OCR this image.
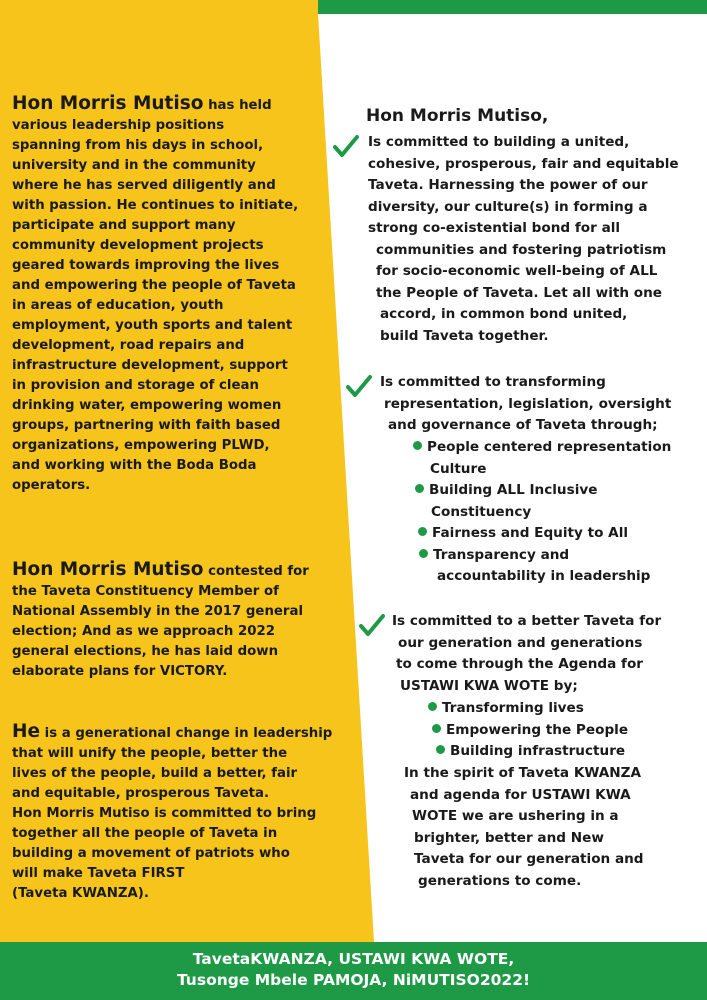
Hon Morris Mutiso has held
various leadership positions
spanning from his days in school,
university and in the community
where he has served diligently and
with passion. He continues to initiate,
participate and support many
community development projects
geared towards improving the lives
and empowering the people of Taveta
in areas of education, youth
employment, youth sports and talent
development, road repairs and
infrastructure development, support
in provision and storage of clean
drinking water, empowering women
groups, partnering with faith based
organizations, empowering PLWD,
and working with the Boda Boda
operators.
Hon Morris Mutiso contested for
the Taveta Constituency Member of
National Assembly in the 2017 general
election; And as we approach 2022
general elections, he has laid down
elaborate plans for VICTORY.
He is a generational change in leadership
that will unify the people, better the
lives of the people, build a better, fair
and equitable, prosperous Taveta.
Hon Morris Mutiso is committed to bring
together all the people of Taveta in
building a movement of patriots who
will make Taveta FIRST
(Taveta KWANZA).
Hon Morris Mutiso,
Is committed to building a united,
cohesive, prosperous, fair and equitable
Taveta. Harnessing the power of our
diversity, our culture(s) in forming a
strong co-existential bond for all
communities and fostering patriotism
for socio-economic well-being of ALL
the People of Taveta. Let all with one
accord, in common bond united,
build Taveta together.
Is committed to transforming
representation, legislation, oversight
and governance of Taveta through;
People centered representation
Culture
Building ALL Inclusive
Constituency
Fairness and Equity to All
Transparency and
accountability in leadership
Is committed to a better Taveta for
our generation and generations
to come through the Agenda for
USTAWI KWA WOTE by;
Transforming lives
Empowering the People
Building infrastructure
In the spirit of Taveta KWANZA
and agenda for USTAWI KWA
WOTE we are ushering in a
brighter, better and New
Taveta for our generation and
generations to come.
TavetaKWANZA, USTAWI KWA WOTE,
Tusonge Mbele PAMOJA, NiMUTISO2022!
